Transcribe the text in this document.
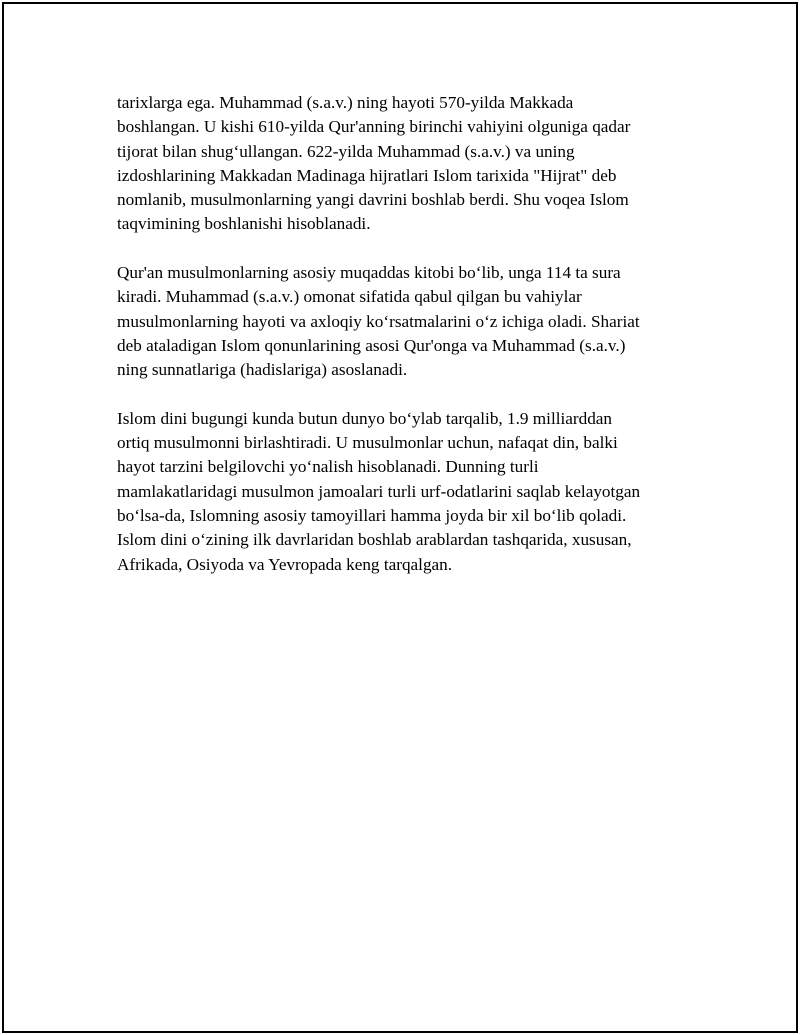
tarixlarga ega. Muhammad (s.a.v.) ning hayoti 570-yilda Makkada
boshlangan. U kishi 610-yilda Qur'anning birinchi vahiyini olguniga qadar
tijorat bilan shug‘ullangan. 622-yilda Muhammad (s.a.v.) va uning
izdoshlarining Makkadan Madinaga hijratlari Islom tarixida "Hijrat" deb
nomlanib, musulmonlarning yangi davrini boshlab berdi. Shu voqea Islom
taqvimining boshlanishi hisoblanadi.

Qur'an musulmonlarning asosiy muqaddas kitobi bo‘lib, unga 114 ta sura
kiradi. Muhammad (s.a.v.) omonat sifatida qabul qilgan bu vahiylar
musulmonlarning hayoti va axloqiy ko‘rsatmalarini o‘z ichiga oladi. Shariat
deb ataladigan Islom qonunlarining asosi Qur'onga va Muhammad (s.a.v.)
ning sunnatlariga (hadislariga) asoslanadi.

Islom dini bugungi kunda butun dunyo bo‘ylab tarqalib, 1.9 milliarddan
ortiq musulmonni birlashtiradi. U musulmonlar uchun, nafaqat din, balki
hayot tarzini belgilovchi yo‘nalish hisoblanadi. Dunning turli
mamlakatlaridagi musulmon jamoalari turli urf-odatlarini saqlab kelayotgan
bo‘lsa-da, Islomning asosiy tamoyillari hamma joyda bir xil bo‘lib qoladi.
Islom dini o‘zining ilk davrlaridan boshlab arablardan tashqarida, xususan,
Afrikada, Osiyoda va Yevropada keng tarqalgan.
